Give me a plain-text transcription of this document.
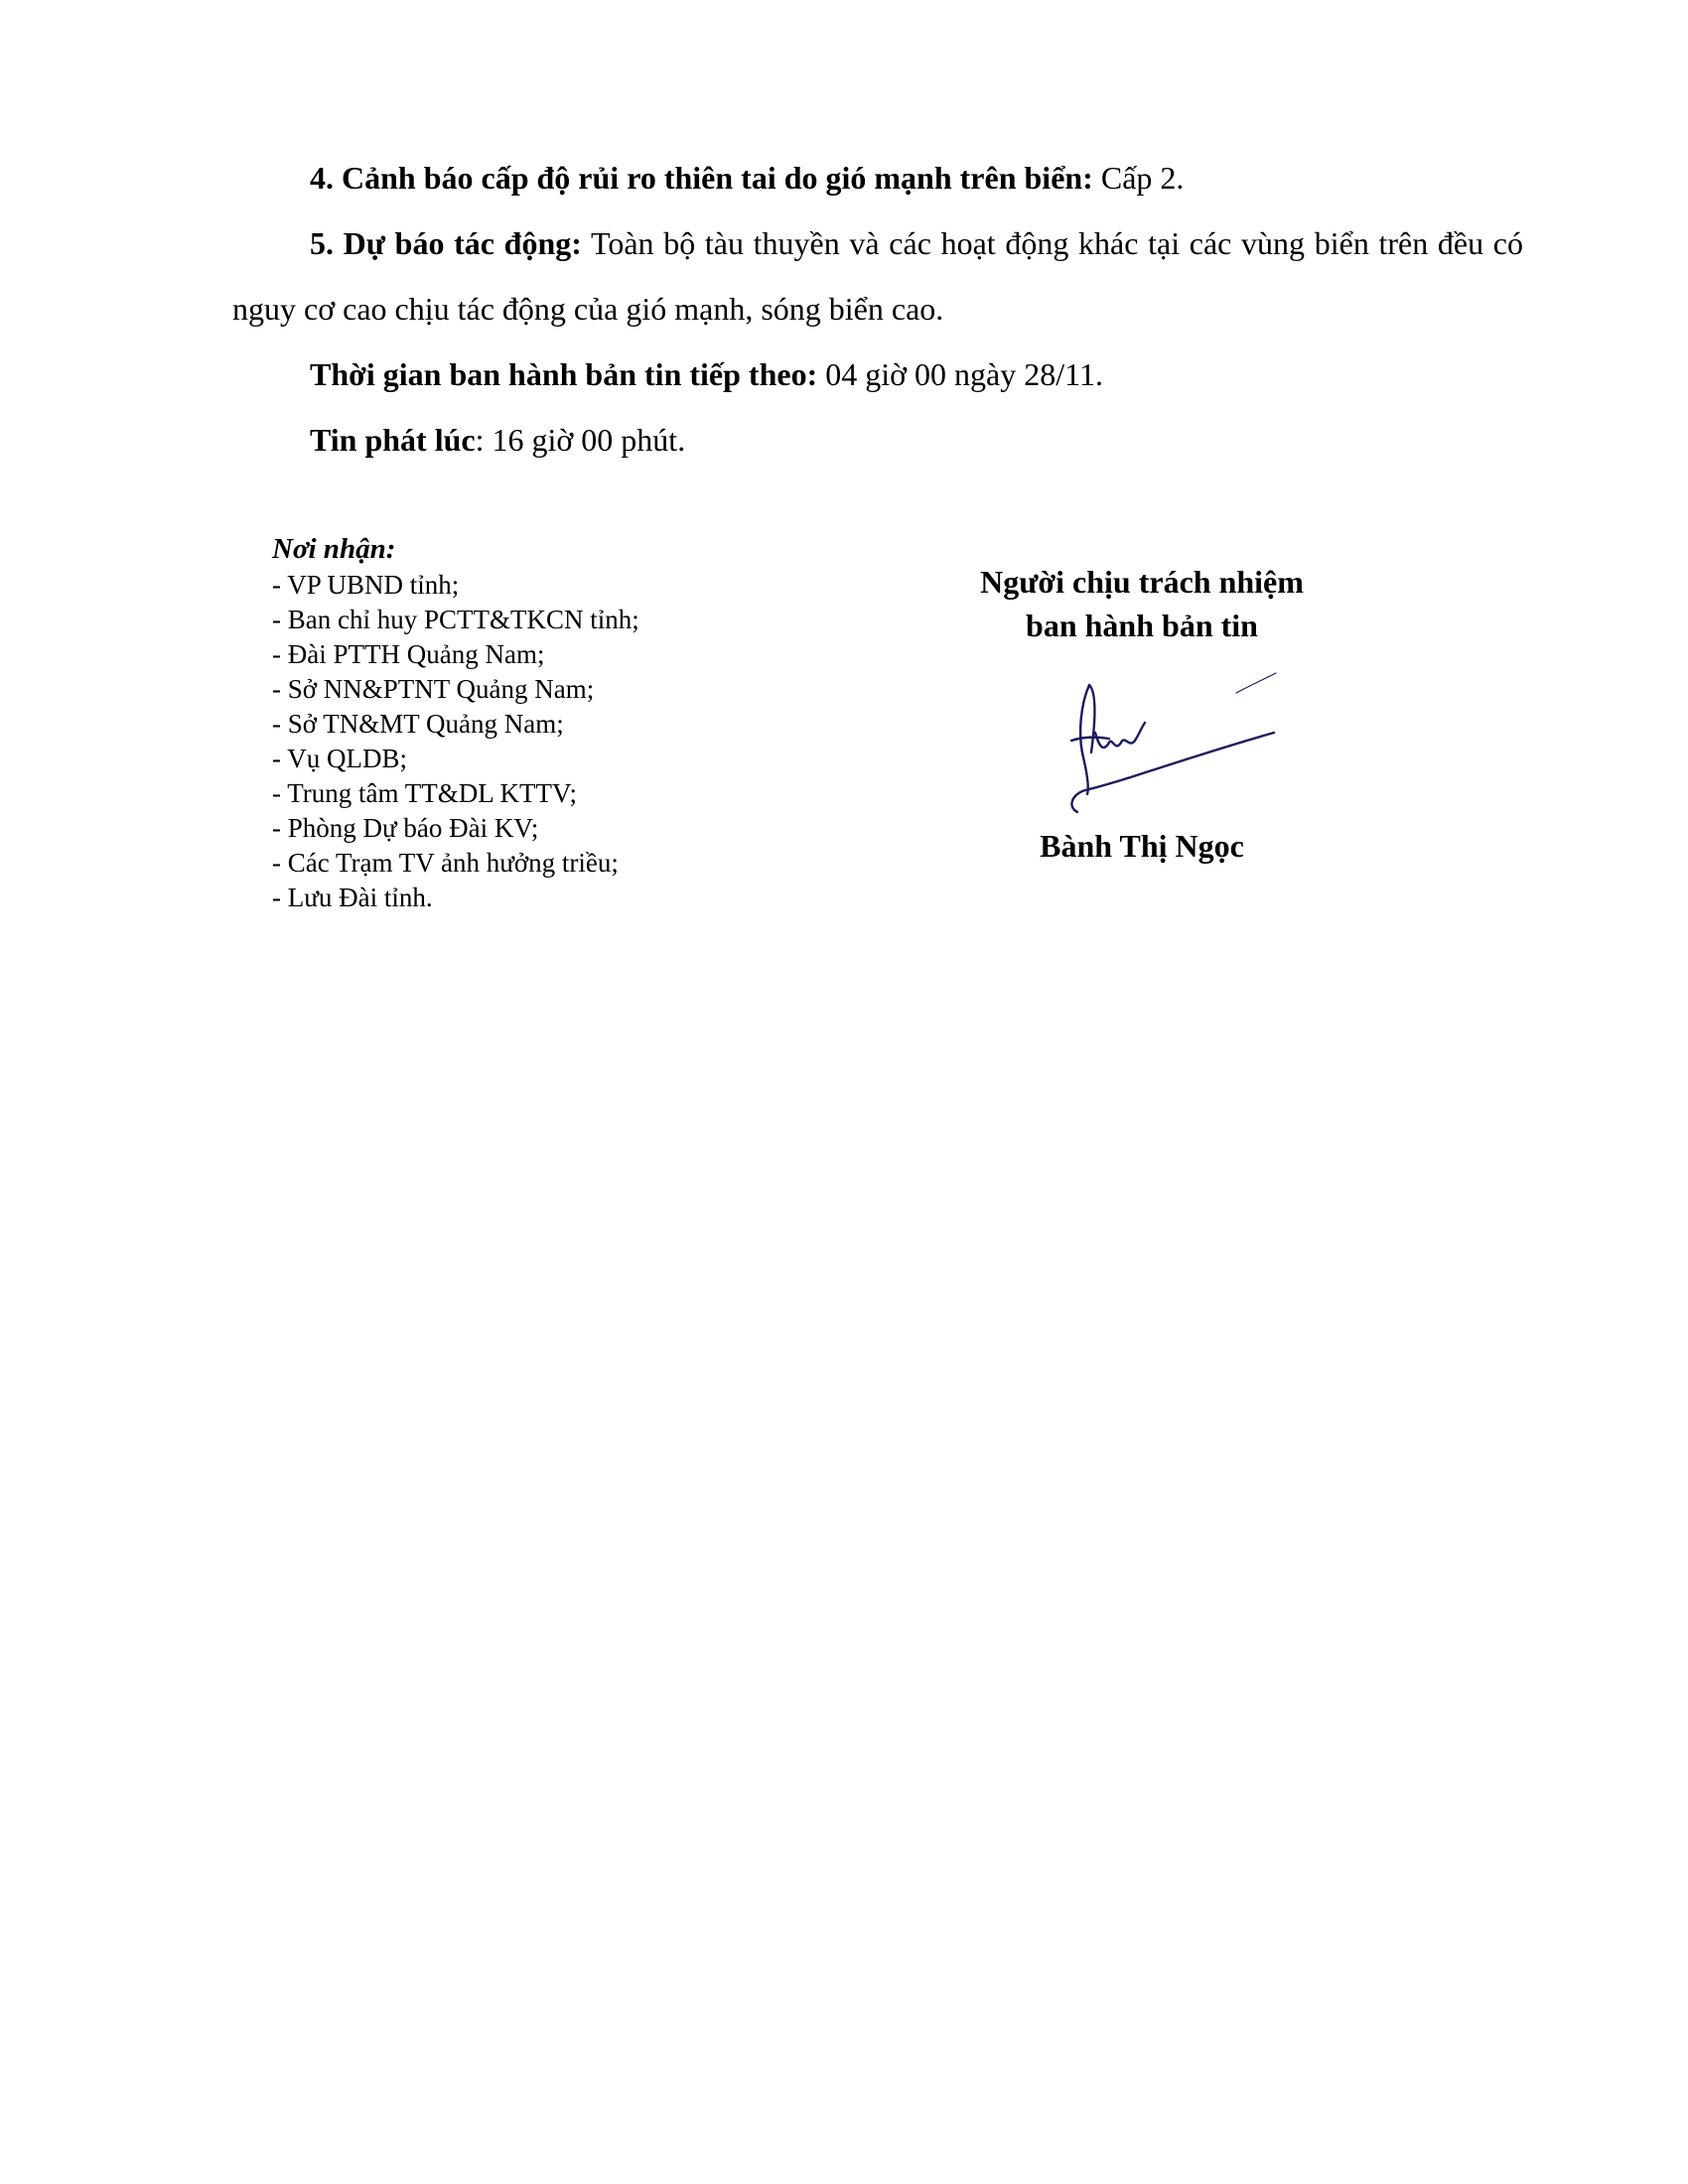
4. Cảnh báo cấp độ rủi ro thiên tai do gió mạnh trên biển: Cấp 2.

5. Dự báo tác động: Toàn bộ tàu thuyền và các hoạt động khác tại các vùng biển trên đều có nguy cơ cao chịu tác động của gió mạnh, sóng biển cao.

Thời gian ban hành bản tin tiếp theo: 04 giờ 00 ngày 28/11.

Tin phát lúc: 16 giờ 00 phút.

Nơi nhận:
- VP UBND tỉnh;
- Ban chỉ huy PCTT&TKCN tỉnh;
- Đài PTTH Quảng Nam;
- Sở NN&PTNT Quảng Nam;
- Sở TN&MT Quảng Nam;
- Vụ QLDB;
- Trung tâm TT&DL KTTV;
- Phòng Dự báo Đài KV;
- Các Trạm TV ảnh hưởng triều;
- Lưu Đài tỉnh.
Người chịu trách nhiệm
ban hành bản tin
Bành Thị Ngọc
